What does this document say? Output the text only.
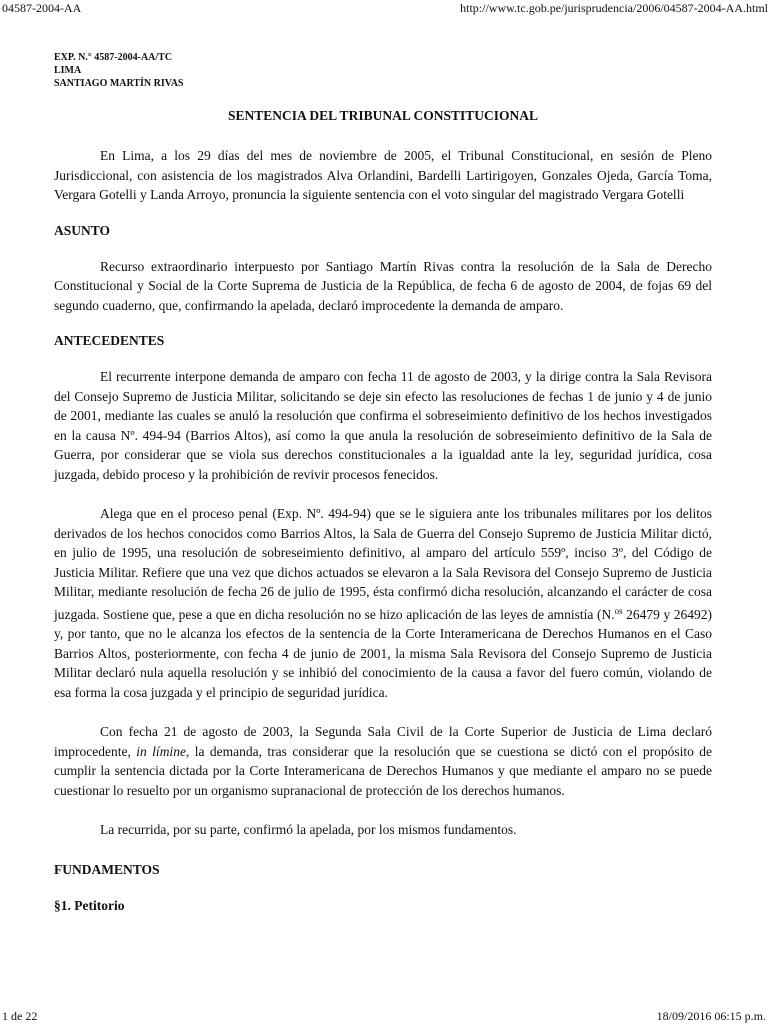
04587-2004-AA	http://www.tc.gob.pe/jurisprudencia/2006/04587-2004-AA.html
EXP. N.° 4587-2004-AA/TC
LIMA
SANTIAGO MARTÍN RIVAS
SENTENCIA DEL TRIBUNAL CONSTITUCIONAL

En Lima, a los 29 días del mes de noviembre de 2005, el Tribunal Constitucional, en sesión de Pleno Jurisdiccional, con asistencia de los magistrados Alva Orlandini, Bardelli Lartirigoyen, Gonzales Ojeda, García Toma, Vergara Gotelli y Landa Arroyo, pronuncia la siguiente sentencia con el voto singular del magistrado Vergara Gotelli

ASUNTO

Recurso extraordinario interpuesto por Santiago Martín Rivas contra la resolución de la Sala de Derecho Constitucional y Social de la Corte Suprema de Justicia de la República, de fecha 6 de agosto de 2004, de fojas 69 del segundo cuaderno, que, confirmando la apelada, declaró improcedente la demanda de amparo.

ANTECEDENTES

El recurrente interpone demanda de amparo con fecha 11 de agosto de 2003, y la dirige contra la Sala Revisora del Consejo Supremo de Justicia Militar, solicitando se deje sin efecto las resoluciones de fechas 1 de junio y 4 de junio de 2001, mediante las cuales se anuló la resolución que confirma el sobreseimiento definitivo de los hechos investigados en la causa Nº. 494-94 (Barrios Altos), así como la que anula la resolución de sobreseimiento definitivo de la Sala de Guerra, por considerar que se viola sus derechos constitucionales a la igualdad ante la ley, seguridad jurídica, cosa juzgada, debido proceso y la prohibición de revivir procesos fenecidos.

Alega que en el proceso penal (Exp. Nº. 494-94) que se le siguiera ante los tribunales militares por los delitos derivados de los hechos conocidos como Barrios Altos, la Sala de Guerra del Consejo Supremo de Justicia Militar dictó, en julio de 1995, una resolución de sobreseimiento definitivo, al amparo del artículo 559º, inciso 3º, del Código de Justicia Militar. Refiere que una vez que dichos actuados se elevaron a la Sala Revisora del Consejo Supremo de Justicia Militar, mediante resolución de fecha 26 de julio de 1995, ésta confirmó dicha resolución, alcanzando el carácter de cosa juzgada. Sostiene que, pese a que en dicha resolución no se hizo aplicación de las leyes de amnistía (N.$^{os}$ 26479 y 26492) y, por tanto, que no le alcanza los efectos de la sentencia de la Corte Interamericana de Derechos Humanos en el Caso Barrios Altos, posteriormente, con fecha 4 de junio de 2001, la misma Sala Revisora del Consejo Supremo de Justicia Militar declaró nula aquella resolución y se inhibió del conocimiento de la causa a favor del fuero común, violando de esa forma la cosa juzgada y el principio de seguridad jurídica.

Con fecha 21 de agosto de 2003, la Segunda Sala Civil de la Corte Superior de Justicia de Lima declaró improcedente, in límine, la demanda, tras considerar que la resolución que se cuestiona se dictó con el propósito de cumplir la sentencia dictada por la Corte Interamericana de Derechos Humanos y que mediante el amparo no se puede cuestionar lo resuelto por un organismo supranacional de protección de los derechos humanos.

La recurrida, por su parte, confirmó la apelada, por los mismos fundamentos.

FUNDAMENTOS
§1. Petitorio
1 de 22	18/09/2016 06:15 p.m.
